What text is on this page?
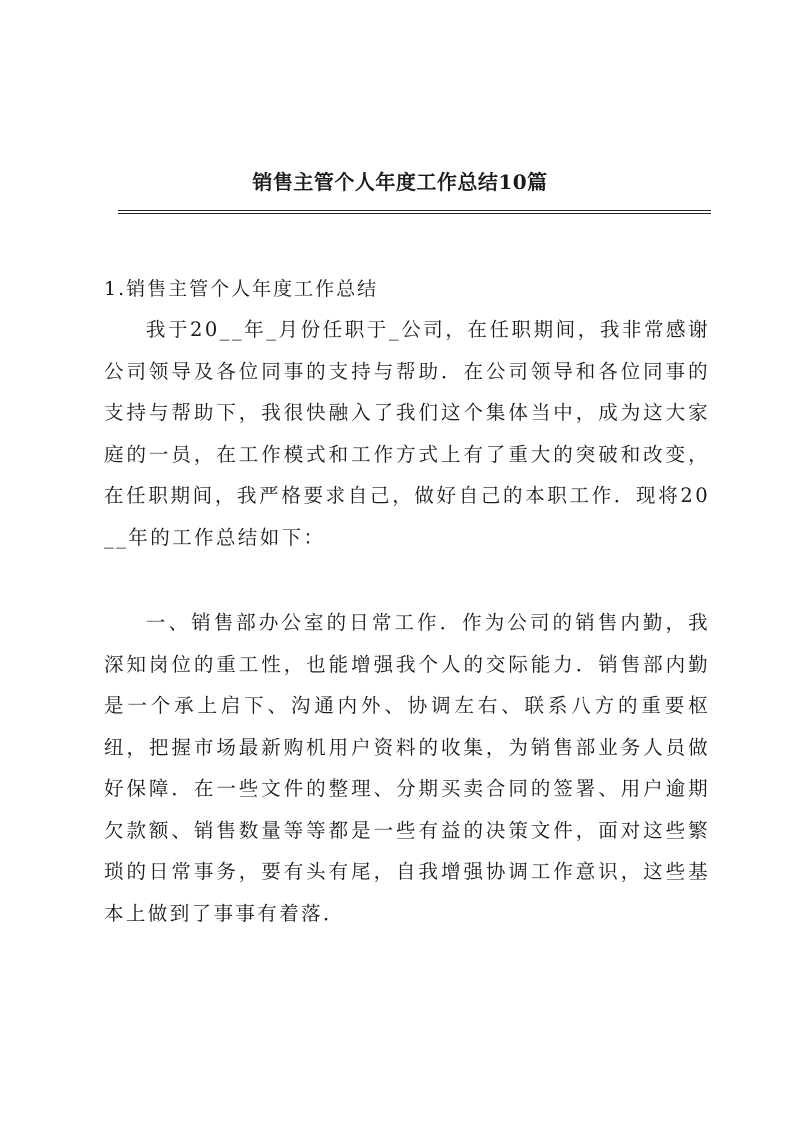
销售主管个人年度工作总结10篇
1.销售主管个人年度工作总结

我于20__年_月份任职于_公司，在任职期间，我非常感谢公司领导及各位同事的支持与帮助．在公司领导和各位同事的支持与帮助下，我很快融入了我们这个集体当中，成为这大家庭的一员，在工作模式和工作方式上有了重大的突破和改变，在任职期间，我严格要求自己，做好自己的本职工作．现将20__年的工作总结如下：

一、销售部办公室的日常工作．作为公司的销售内勤，我深知岗位的重工性，也能增强我个人的交际能力．销售部内勤是一个承上启下、沟通内外、协调左右、联系八方的重要枢纽，把握市场最新购机用户资料的收集，为销售部业务人员做好保障．在一些文件的整理、分期买卖合同的签署、用户逾期欠款额、销售数量等等都是一些有益的决策文件，面对这些繁琐的日常事务，要有头有尾，自我增强协调工作意识，这些基本上做到了事事有着落．
